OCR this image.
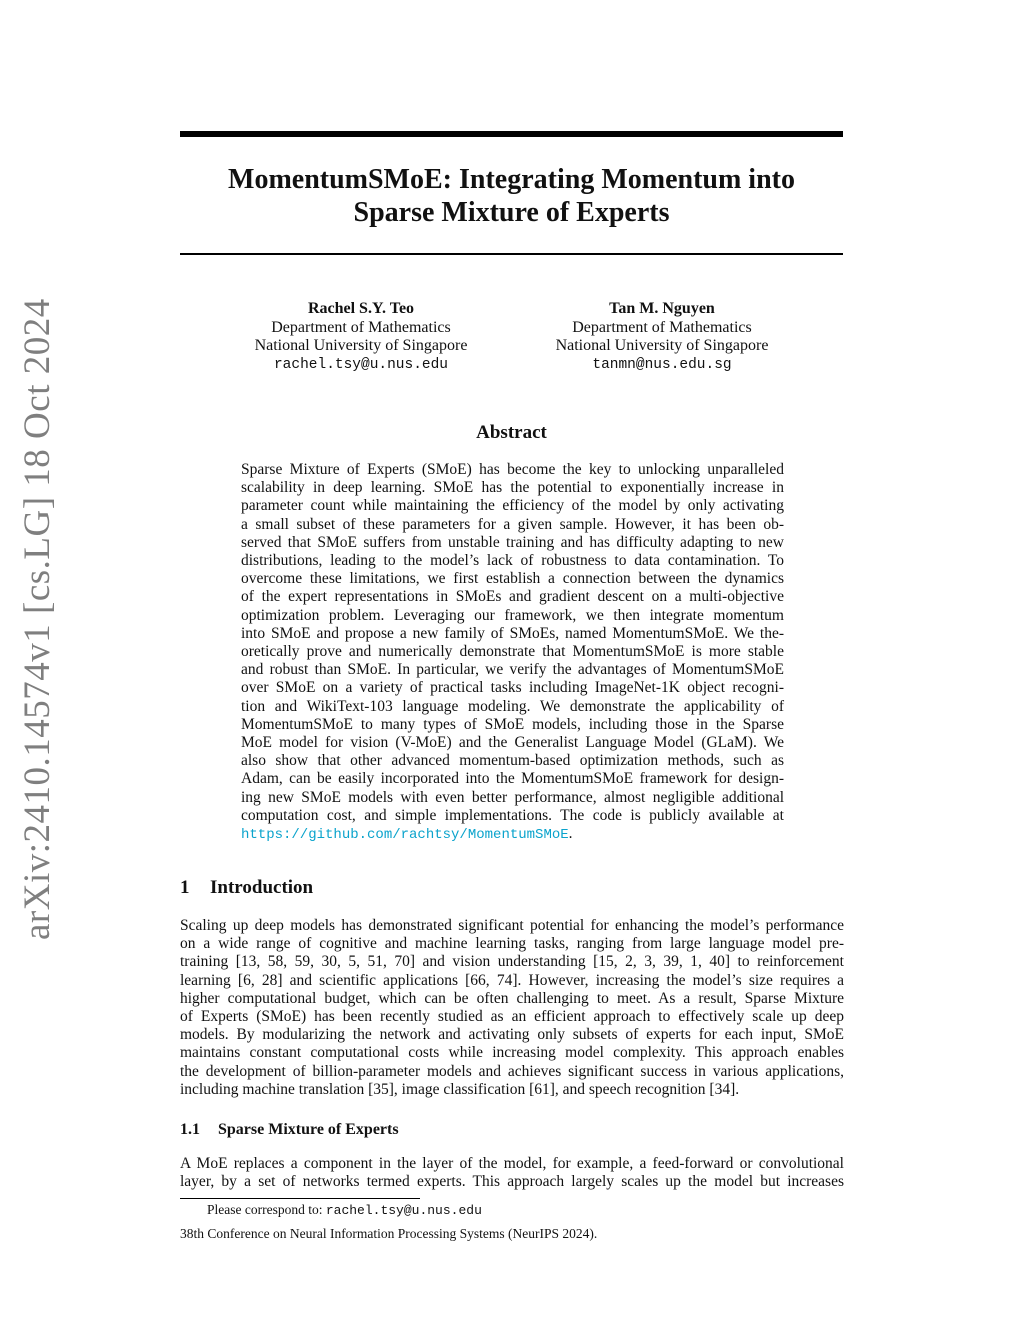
arXiv:2410.14574v1 [cs.LG] 18 Oct 2024
MomentumSMoE: Integrating Momentum into
Sparse Mixture of Experts
Rachel S.Y. Teo
Department of Mathematics
National University of Singapore
rachel.tsy@u.nus.edu
Tan M. Nguyen
Department of Mathematics
National University of Singapore
tanmn@nus.edu.sg
Abstract
Sparse Mixture of Experts (SMoE) has become the key to unlocking unparalleled
scalability in deep learning. SMoE has the potential to exponentially increase in
parameter count while maintaining the efficiency of the model by only activating
a small subset of these parameters for a given sample. However, it has been ob-
served that SMoE suffers from unstable training and has difficulty adapting to new
distributions, leading to the model’s lack of robustness to data contamination. To
overcome these limitations, we first establish a connection between the dynamics
of the expert representations in SMoEs and gradient descent on a multi-objective
optimization problem. Leveraging our framework, we then integrate momentum
into SMoE and propose a new family of SMoEs, named MomentumSMoE. We the-
oretically prove and numerically demonstrate that MomentumSMoE is more stable
and robust than SMoE. In particular, we verify the advantages of MomentumSMoE
over SMoE on a variety of practical tasks including ImageNet-1K object recogni-
tion and WikiText-103 language modeling. We demonstrate the applicability of
MomentumSMoE to many types of SMoE models, including those in the Sparse
MoE model for vision (V-MoE) and the Generalist Language Model (GLaM). We
also show that other advanced momentum-based optimization methods, such as
Adam, can be easily incorporated into the MomentumSMoE framework for design-
ing new SMoE models with even better performance, almost negligible additional
computation cost, and simple implementations. The code is publicly available at
https://github.com/rachtsy/MomentumSMoE.
1 Introduction
Scaling up deep models has demonstrated significant potential for enhancing the model’s performance
on a wide range of cognitive and machine learning tasks, ranging from large language model pre-
training [13, 58, 59, 30, 5, 51, 70] and vision understanding [15, 2, 3, 39, 1, 40] to reinforcement
learning [6, 28] and scientific applications [66, 74]. However, increasing the model’s size requires a
higher computational budget, which can be often challenging to meet. As a result, Sparse Mixture
of Experts (SMoE) has been recently studied as an efficient approach to effectively scale up deep
models. By modularizing the network and activating only subsets of experts for each input, SMoE
maintains constant computational costs while increasing model complexity. This approach enables
the development of billion-parameter models and achieves significant success in various applications,
including machine translation [35], image classification [61], and speech recognition [34].
1.1 Sparse Mixture of Experts
A MoE replaces a component in the layer of the model, for example, a feed-forward or convolutional
layer, by a set of networks termed experts. This approach largely scales up the model but increases
Please correspond to: rachel.tsy@u.nus.edu
38th Conference on Neural Information Processing Systems (NeurIPS 2024).
